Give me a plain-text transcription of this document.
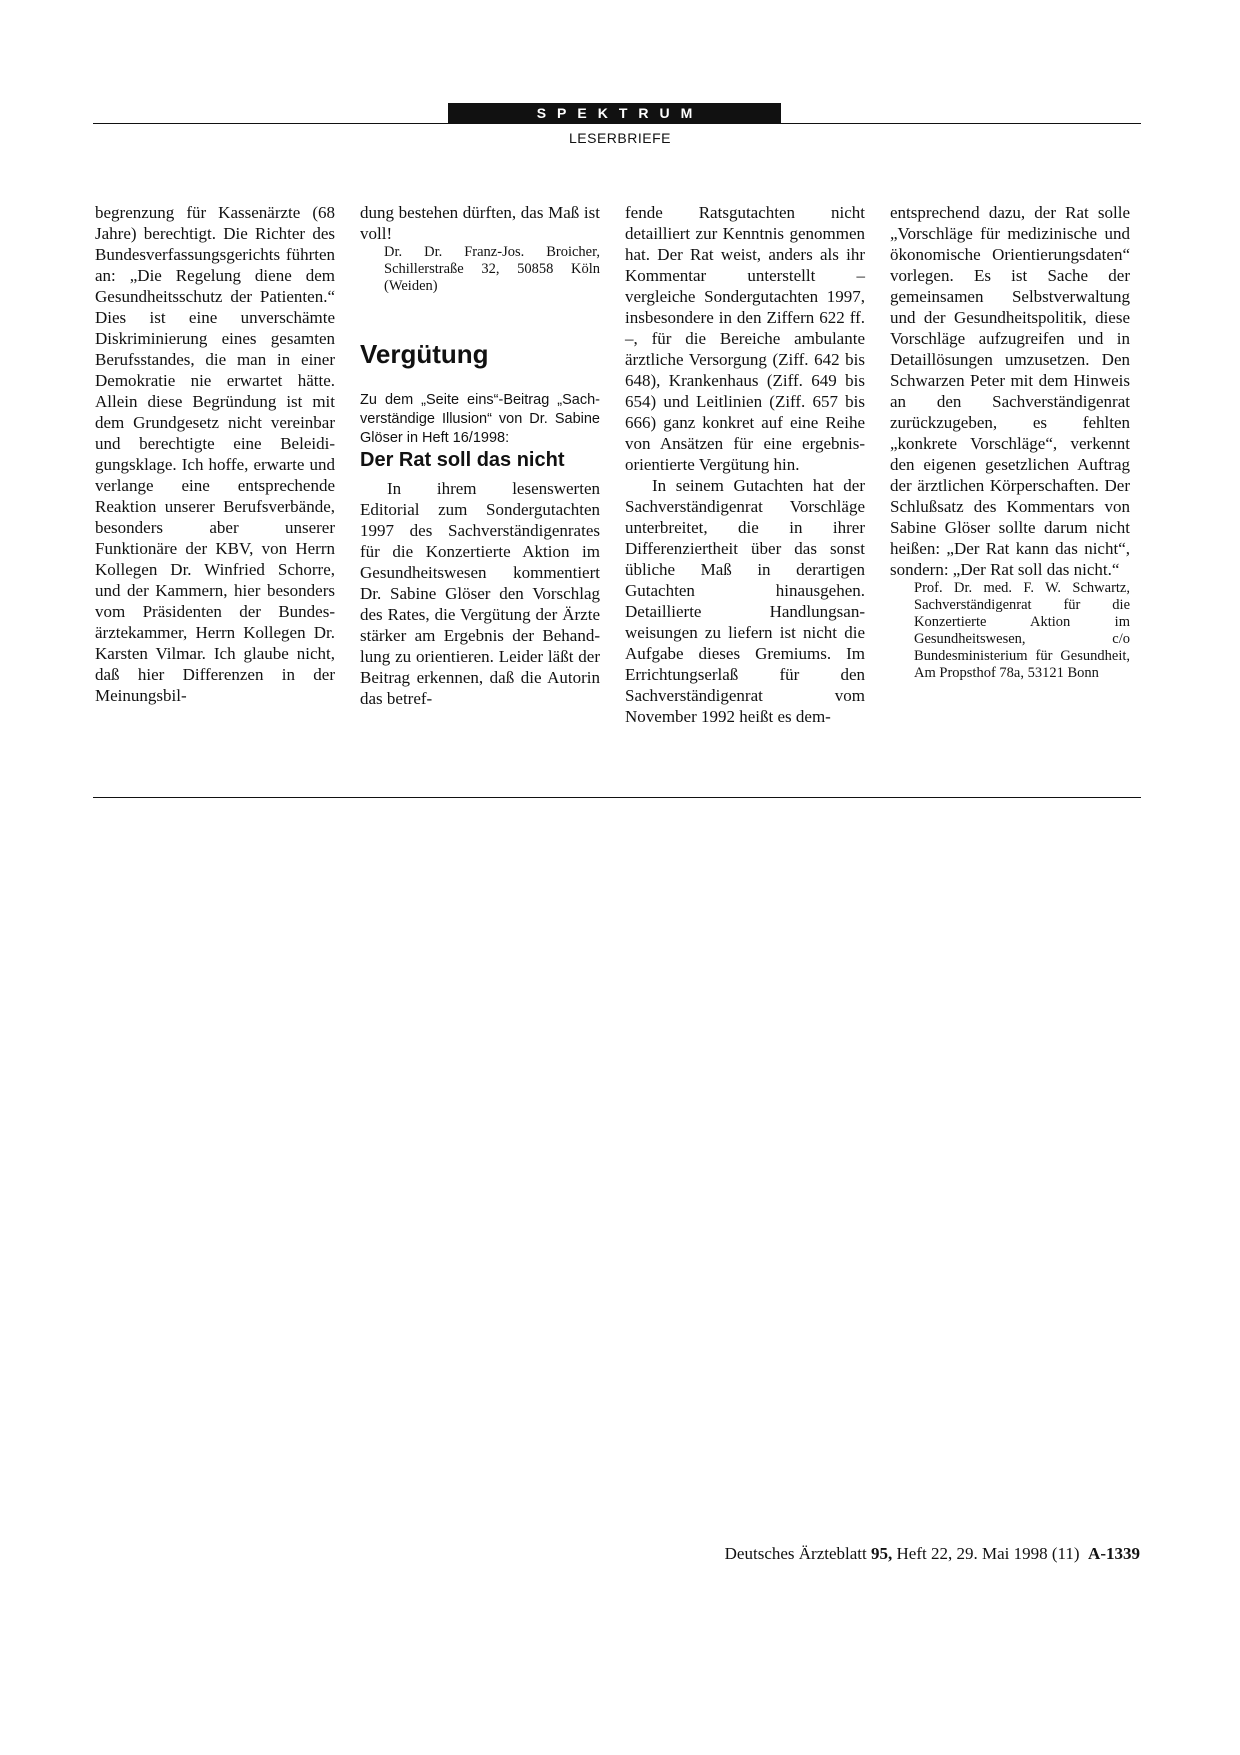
SPEKTRUM
LESERBRIEFE

begrenzung für Kassenärzte (68 Jahre) berechtigt. Die Richter des Bundesverfassungsgerichts führten an: „Die Regelung diene dem Gesundheitsschutz der Patienten.“ Dies ist eine unverschämte Diskriminierung eines gesamten Berufsstandes, die man in einer Demokratie nie erwartet hätte. Allein diese Begründung ist mit dem Grundgesetz nicht vereinbar und berechtigte eine Beleidigungsklage. Ich hoffe, erwarte und verlange eine entsprechende Reaktion unserer Berufsverbände, besonders aber unserer Funktionäre der KBV, von Herrn Kollegen Dr. Winfried Schorre, und der Kammern, hier besonders vom Präsidenten der Bundesärztekammer, Herrn Kollegen Dr. Karsten Vilmar. Ich glaube nicht, daß hier Differenzen in der Meinungsbil-

dung bestehen dürften, das Maß ist voll!

Dr. Dr. Franz-Jos. Broicher, Schillerstraße 32, 50858 Köln (Weiden)

Vergütung

Zu dem „Seite eins“-Beitrag „Sachverständige Illusion“ von Dr. Sabine Glöser in Heft 16/1998:

Der Rat soll das nicht

In ihrem lesenswerten Editorial zum Sondergutachten 1997 des Sachverständigenrates für die Konzertierte Aktion im Gesundheitswesen kommentiert Dr. Sabine Glöser den Vorschlag des Rates, die Vergütung der Ärzte stärker am Ergebnis der Behandlung zu orientieren. Leider läßt der Beitrag erkennen, daß die Autorin das betref-

fende Ratsgutachten nicht detailliert zur Kenntnis genommen hat. Der Rat weist, anders als ihr Kommentar unterstellt – vergleiche Sondergutachten 1997, insbesondere in den Ziffern 622 ff. –, für die Bereiche ambulante ärztliche Versorgung (Ziff. 642 bis 648), Krankenhaus (Ziff. 649 bis 654) und Leitlinien (Ziff. 657 bis 666) ganz konkret auf eine Reihe von Ansätzen für eine ergebnisorientierte Vergütung hin.

In seinem Gutachten hat der Sachverständigenrat Vorschläge unterbreitet, die in ihrer Differenziertheit über das sonst übliche Maß in derartigen Gutachten hinausgehen. Detaillierte Handlungsanweisungen zu liefern ist nicht die Aufgabe dieses Gremiums. Im Errichtungserlaß für den Sachverständigenrat vom November 1992 heißt es dem-

entsprechend dazu, der Rat solle „Vorschläge für medizinische und ökonomische Orientierungsdaten“ vorlegen. Es ist Sache der gemeinsamen Selbstverwaltung und der Gesundheitspolitik, diese Vorschläge aufzugreifen und in Detaillösungen umzusetzen. Den Schwarzen Peter mit dem Hinweis an den Sachverständigenrat zurückzugeben, es fehlten „konkrete Vorschläge“, verkennt den eigenen gesetzlichen Auftrag der ärztlichen Körperschaften. Der Schlußsatz des Kommentars von Sabine Glöser sollte darum nicht heißen: „Der Rat kann das nicht“, sondern: „Der Rat soll das nicht.“

Prof. Dr. med. F. W. Schwartz, Sachverständigenrat für die Konzertierte Aktion im Gesundheitswesen, c/o Bundesministerium für Gesundheit, Am Propsthof 78a, 53121 Bonn

Deutsches Ärzteblatt 95, Heft 22, 29. Mai 1998 (11) A-1339
